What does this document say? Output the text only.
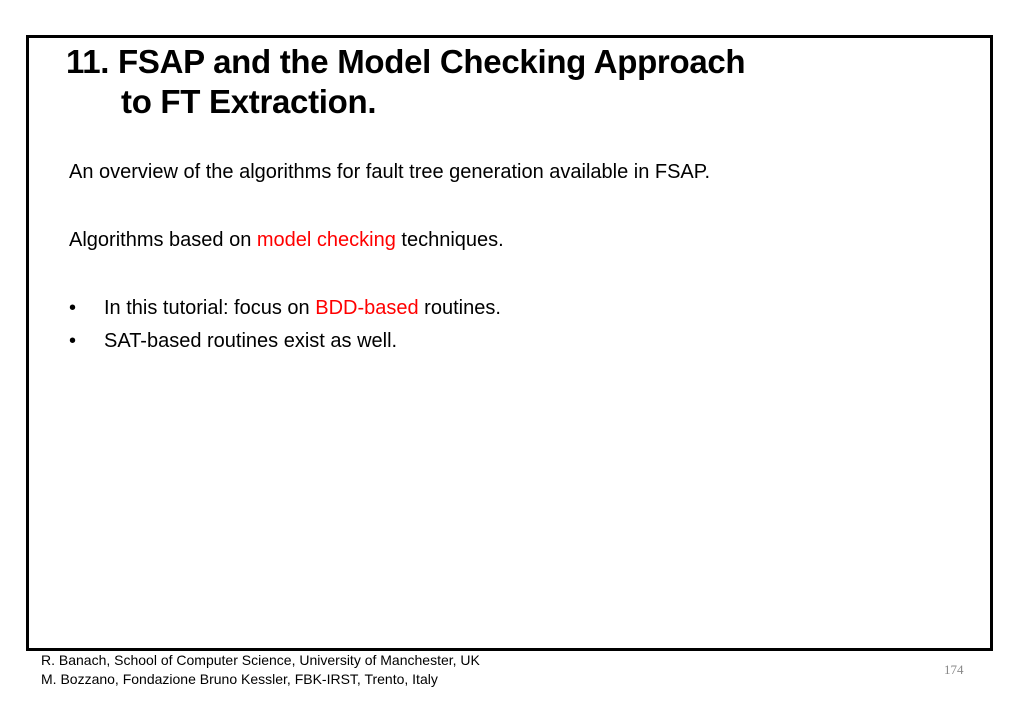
11. FSAP and the Model Checking Approach
to FT Extraction.

An overview of the algorithms for fault tree generation available in FSAP.

Algorithms based on model checking techniques.

• In this tutorial: focus on BDD-based routines.
• SAT-based routines exist as well.
R. Banach, School of Computer Science, University of Manchester, UK
M. Bozzano, Fondazione Bruno Kessler, FBK-IRST, Trento, Italy
174
